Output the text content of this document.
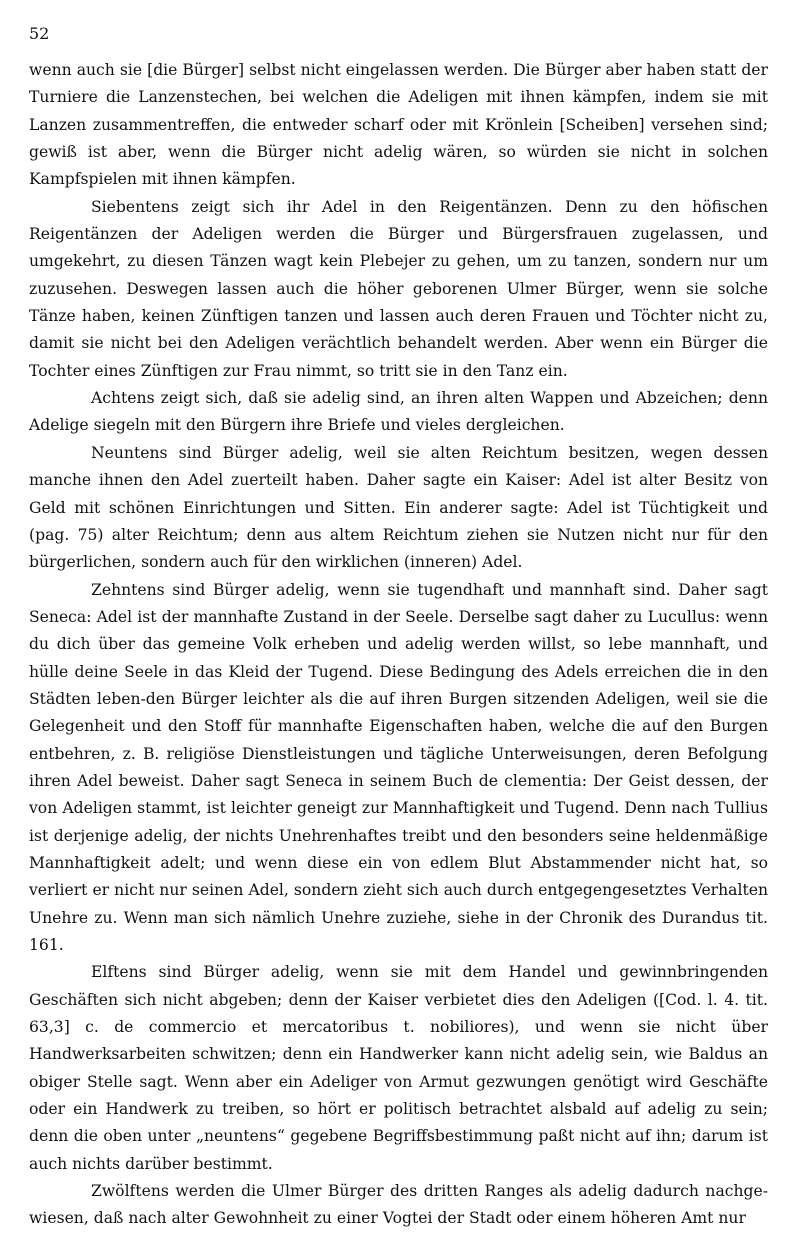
52

wenn auch sie [die Bürger] selbst nicht eingelassen werden. Die Bürger aber haben statt der Turniere die Lanzenstechen, bei welchen die Adeligen mit ihnen kämpfen, indem sie mit Lanzen zusammentreffen, die entweder scharf oder mit Krönlein [Scheiben] versehen sind; gewiß ist aber, wenn die Bürger nicht adelig wären, so würden sie nicht in solchen Kampfspielen mit ihnen kämpfen.

Siebentens zeigt sich ihr Adel in den Reigentänzen. Denn zu den höfischen Reigentänzen der Adeligen werden die Bürger und Bürgersfrauen zugelassen, und umgekehrt, zu diesen Tänzen wagt kein Plebejer zu gehen, um zu tanzen, sondern nur um zuzusehen. Deswegen lassen auch die höher geborenen Ulmer Bürger, wenn sie solche Tänze haben, keinen Zünftigen tanzen und lassen auch deren Frauen und Töchter nicht zu, damit sie nicht bei den Adeligen verächtlich behandelt werden. Aber wenn ein Bürger die Tochter eines Zünftigen zur Frau nimmt, so tritt sie in den Tanz ein.

Achtens zeigt sich, daß sie adelig sind, an ihren alten Wappen und Abzeichen; denn Adelige siegeln mit den Bürgern ihre Briefe und vieles dergleichen.

Neuntens sind Bürger adelig, weil sie alten Reichtum besitzen, wegen dessen manche ihnen den Adel zuerteilt haben. Daher sagte ein Kaiser: Adel ist alter Besitz von Geld mit schönen Einrichtungen und Sitten. Ein anderer sagte: Adel ist Tüchtigkeit und (pag. 75) alter Reichtum; denn aus altem Reichtum ziehen sie Nutzen nicht nur für den bürgerlichen, sondern auch für den wirklichen (inneren) Adel.

Zehntens sind Bürger adelig, wenn sie tugendhaft und mannhaft sind. Daher sagt Seneca: Adel ist der mannhafte Zustand in der Seele. Derselbe sagt daher zu Lucullus: wenn du dich über das gemeine Volk erheben und adelig werden willst, so lebe mannhaft, und hülle deine Seele in das Kleid der Tugend. Diese Bedingung des Adels erreichen die in den Städten leben-den Bürger leichter als die auf ihren Burgen sitzenden Adeligen, weil sie die Gelegenheit und den Stoff für mannhafte Eigenschaften haben, welche die auf den Burgen entbehren, z. B. religiöse Dienstleistungen und tägliche Unterweisungen, deren Befolgung ihren Adel beweist. Daher sagt Seneca in seinem Buch de clementia: Der Geist dessen, der von Adeligen stammt, ist leichter geneigt zur Mannhaftigkeit und Tugend. Denn nach Tullius ist derjenige adelig, der nichts Unehrenhaftes treibt und den besonders seine heldenmäßige Mannhaftigkeit adelt; und wenn diese ein von edlem Blut Abstammender nicht hat, so verliert er nicht nur seinen Adel, sondern zieht sich auch durch entgegengesetztes Verhalten Unehre zu. Wenn man sich nämlich Unehre zuziehe, siehe in der Chronik des Durandus tit. 161.

Elftens sind Bürger adelig, wenn sie mit dem Handel und gewinnbringenden Geschäften sich nicht abgeben; denn der Kaiser verbietet dies den Adeligen ([Cod. l. 4. tit. 63,3] c. de commercio et mercatoribus t. nobiliores), und wenn sie nicht über Handwerksarbeiten schwitzen; denn ein Handwerker kann nicht adelig sein, wie Baldus an obiger Stelle sagt. Wenn aber ein Adeliger von Armut gezwungen genötigt wird Geschäfte oder ein Handwerk zu treiben, so hört er politisch betrachtet alsbald auf adelig zu sein; denn die oben unter „neuntens“ gegebene Begriffsbestimmung paßt nicht auf ihn; darum ist auch nichts darüber bestimmt.

Zwölftens werden die Ulmer Bürger des dritten Ranges als adelig dadurch nachge-wiesen, daß nach alter Gewohnheit zu einer Vogtei der Stadt oder einem höheren Amt nur
